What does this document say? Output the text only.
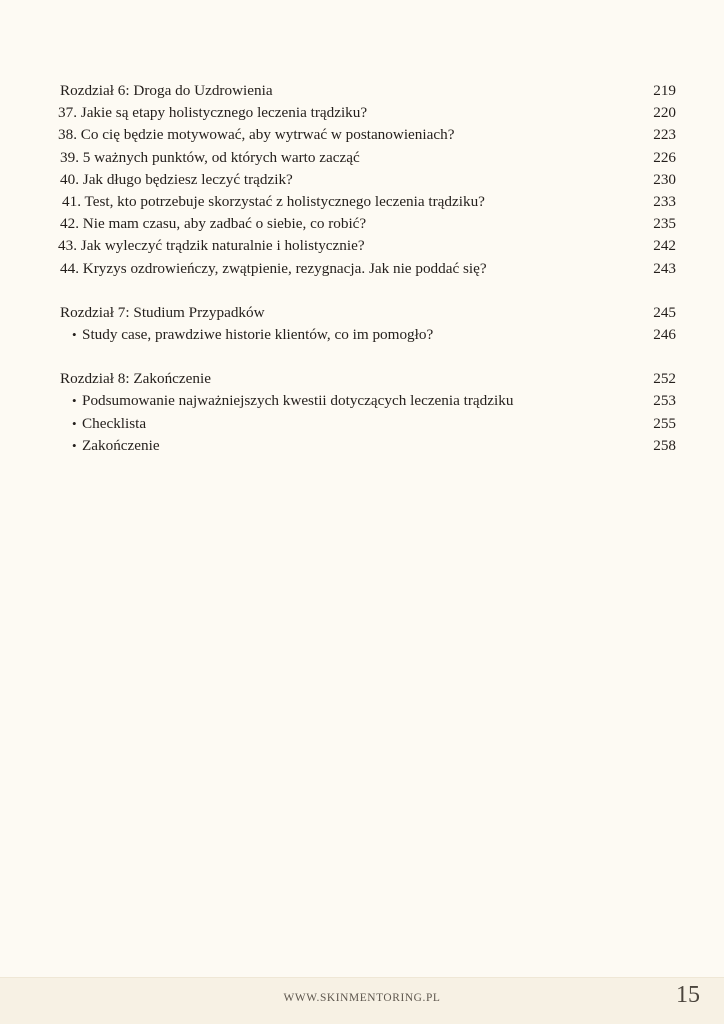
Rozdział 6: Droga do Uzdrowienia	219
37. Jakie są etapy holistycznego leczenia trądziku?	220
38. Co cię będzie motywować, aby wytrwać w postanowieniach?	223
39. 5 ważnych punktów, od których warto zacząć	226
40. Jak długo będziesz leczyć trądzik?	230
41. Test, kto potrzebuje skorzystać z holistycznego leczenia trądziku?	233
42. Nie mam czasu, aby zadbać o siebie, co robić?	235
43. Jak wyleczyć trądzik naturalnie i holistycznie?	242
44. Kryzys ozdrowieńczy, zwątpienie, rezygnacja. Jak nie poddać się?	243
Rozdział 7: Studium Przypadków	245
• Study case, prawdziwe historie klientów, co im pomogło?	246
Rozdział 8: Zakończenie	252
• Podsumowanie najważniejszych kwestii dotyczących leczenia trądziku	253
• Checklista	255
• Zakończenie	258
WWW.SKINMENTORING.PL	15
